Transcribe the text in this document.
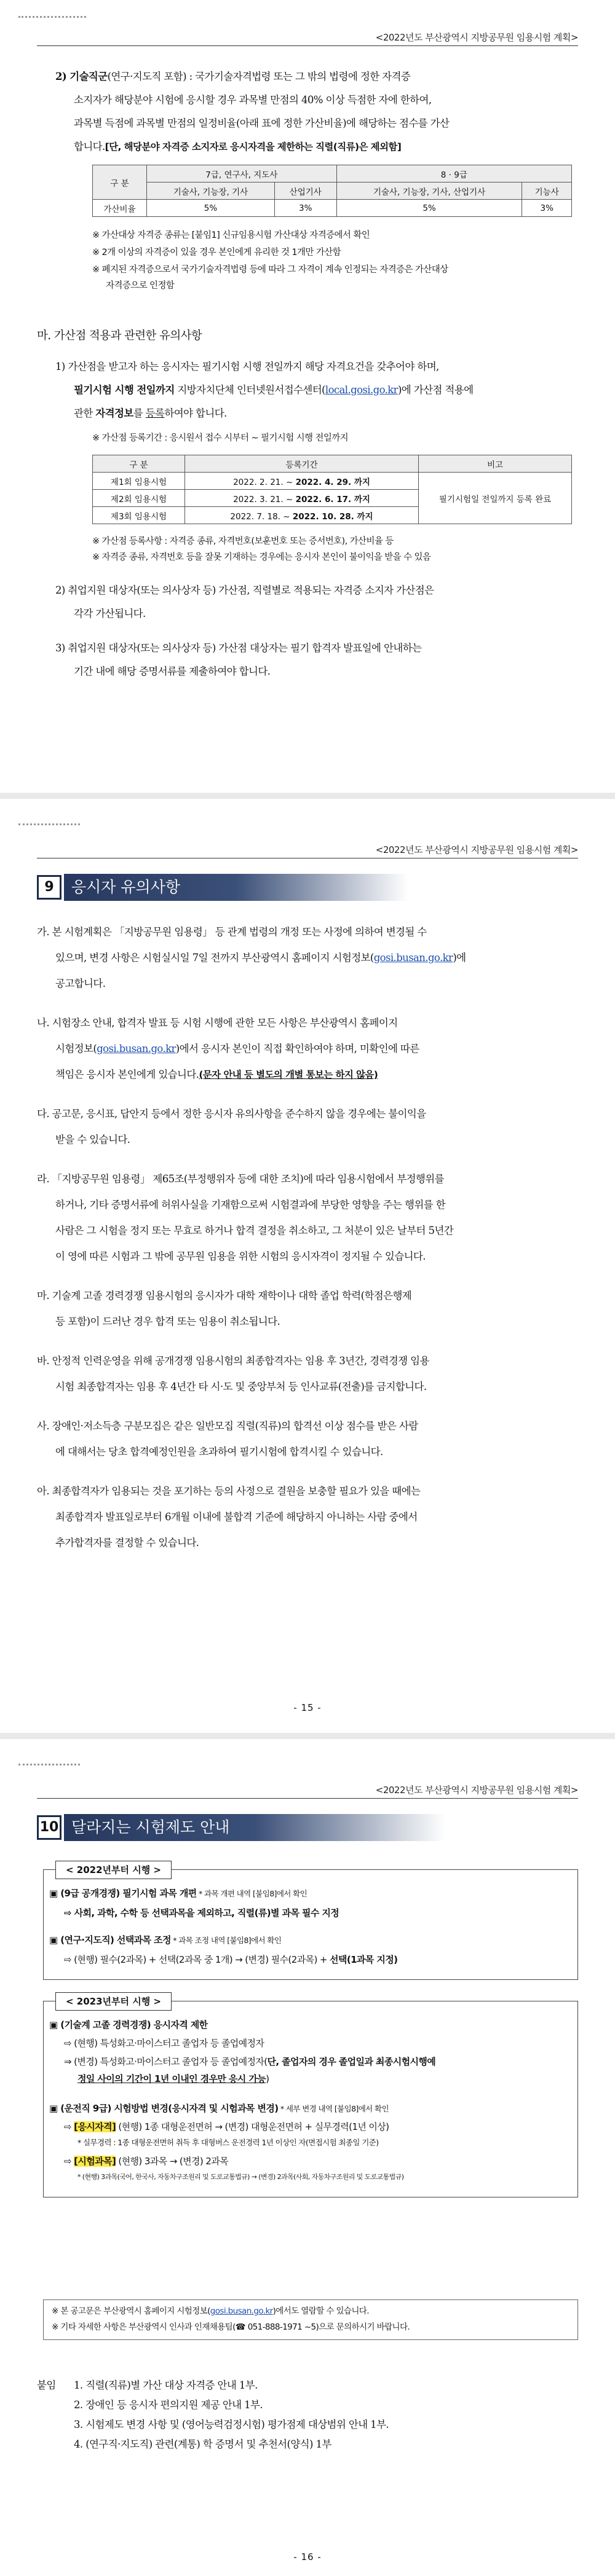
<2022년도 부산광역시 지방공무원 임용시험 계획>
2) 기술직군(연구·지도직 포함) : 국가기술자격법령 또는 그 밖의 법령에 정한 자격증
소지자가 해당분야 시험에 응시할 경우 과목별 만점의 40% 이상 득점한 자에 한하여,
과목별 득점에 과목별 만점의 일정비율(아래 표에 정한 가산비율)에 해당하는 점수를 가산
합니다.[단, 해당분야 자격증 소지자로 응시자격을 제한하는 직렬(직류)은 제외함]
구 분	7급, 연구사, 지도사		8 · 9급	
	기술사, 기능장, 기사	산업기사	기술사, 기능장, 기사, 산업기사	기능사
가산비율	5%	3%	5%	3%
※ 가산대상 자격증 종류는 [붙임1] 신규임용시험 가산대상 자격증에서 확인
※ 2개 이상의 자격증이 있을 경우 본인에게 유리한 것 1개만 가산함
※ 폐지된 자격증으로서 국가기술자격법령 등에 따라 그 자격이 계속 인정되는 자격증은 가산대상
자격증으로 인정함
마. 가산점 적용과 관련한 유의사항
1) 가산점을 받고자 하는 응시자는 필기시험 시행 전일까지 해당 자격요건을 갖추어야 하며,
필기시험 시행 전일까지 지방자치단체 인터넷원서접수센터(local.gosi.go.kr)에 가산점 적용에
관한 자격정보를 등록하여야 합니다.
※ 가산점 등록기간 : 응시원서 접수 시부터 ~ 필기시험 시행 전일까지
구 분	등록기간	비고
제1회 임용시험	2022. 2. 21. ~ 2022. 4. 29. 까지	필기시험일 전일까지 등록 완료
제2회 임용시험	2022. 3. 21. ~ 2022. 6. 17. 까지	
제3회 임용시험	2022. 7. 18. ~ 2022. 10. 28. 까지	
※ 가산점 등록사항 : 자격증 종류, 자격번호(보훈번호 또는 증서번호), 가산비율 등
※ 자격증 종류, 자격번호 등을 잘못 기재하는 경우에는 응시자 본인이 불이익을 받을 수 있음
2) 취업지원 대상자(또는 의사상자 등) 가산점, 직렬별로 적용되는 자격증 소지자 가산점은
각각 가산됩니다.
3) 취업지원 대상자(또는 의사상자 등) 가산점 대상자는 필기 합격자 발표일에 안내하는
기간 내에 해당 증명서류를 제출하여야 합니다.
<2022년도 부산광역시 지방공무원 임용시험 계획>
9	응시자 유의사항
가. 본 시험계획은 「지방공무원 임용령」 등 관계 법령의 개정 또는 사정에 의하여 변경될 수
있으며, 변경 사항은 시험실시일 7일 전까지 부산광역시 홈페이지 시험정보(gosi.busan.go.kr)에
공고합니다.
나. 시험장소 안내, 합격자 발표 등 시험 시행에 관한 모든 사항은 부산광역시 홈페이지
시험정보(gosi.busan.go.kr)에서 응시자 본인이 직접 확인하여야 하며, 미확인에 따른
책임은 응시자 본인에게 있습니다.(문자 안내 등 별도의 개별 통보는 하지 않음)
다. 공고문, 응시표, 답안지 등에서 정한 응시자 유의사항을 준수하지 않을 경우에는 불이익을
받을 수 있습니다.
라. 「지방공무원 임용령」 제65조(부정행위자 등에 대한 조치)에 따라 임용시험에서 부정행위를
하거나, 기타 증명서류에 허위사실을 기재함으로써 시험결과에 부당한 영향을 주는 행위를 한
사람은 그 시험을 정지 또는 무효로 하거나 합격 결정을 취소하고, 그 처분이 있은 날부터 5년간
이 영에 따른 시험과 그 밖에 공무원 임용을 위한 시험의 응시자격이 정지될 수 있습니다.
마. 기술계 고졸 경력경쟁 임용시험의 응시자가 대학 재학이나 대학 졸업 학력(학점은행제
등 포함)이 드러난 경우 합격 또는 임용이 취소됩니다.
바. 안정적 인력운영을 위해 공개경쟁 임용시험의 최종합격자는 임용 후 3년간, 경력경쟁 임용
시험 최종합격자는 임용 후 4년간 타 시·도 및 중앙부처 등 인사교류(전출)를 금지합니다.
사. 장애인·저소득층 구분모집은 같은 일반모집 직렬(직류)의 합격선 이상 점수를 받은 사람
에 대해서는 당초 합격예정인원을 초과하여 필기시험에 합격시킬 수 있습니다.
아. 최종합격자가 임용되는 것을 포기하는 등의 사정으로 결원을 보충할 필요가 있을 때에는
최종합격자 발표일로부터 6개월 이내에 불합격 기준에 해당하지 아니하는 사람 중에서
추가합격자를 결정할 수 있습니다.
- 15 -
<2022년도 부산광역시 지방공무원 임용시험 계획>
10 달라지는 시험제도 안내
< 2022년부터 시행 >
▣ (9급 공개경쟁) 필기시험 과목 개편 * 과목 개편 내역 [붙임8]에서 확인
⇨ 사회, 과학, 수학 등 선택과목을 제외하고, 직렬(류)별 과목 필수 지정
▣ (연구·지도직) 선택과목 조정 * 과목 조정 내역 [붙임8]에서 확인
⇨ (현행) 필수(2과목) + 선택(2과목 중 1개) → (변경) 필수(2과목) + 선택(1과목 지정)
< 2023년부터 시행 >
▣ (기술계 고졸 경력경쟁) 응시자격 제한
⇨ (현행) 특성화고·마이스터고 졸업자 등 졸업예정자
⇒ (변경) 특성화고·마이스터고 졸업자 등 졸업예정자(단, 졸업자의 경우 졸업일과 최종시험시행예
정일 사이의 기간이 1년 이내인 경우만 응시 가능)
▣ (운전직 9급) 시험방법 변경(응시자격 및 시험과목 변경) * 세부 변경 내역 [붙임8]에서 확인
⇨ [응시자격] (현행) 1종 대형운전면허 → (변경) 대형운전면허 + 실무경력(1년 이상)
* 실무경력 : 1종 대형운전면허 취득 후 대형버스 운전경력 1년 이상인 자(면접시험 최종일 기준)
⇨ [시험과목] (현행) 3과목 → (변경) 2과목
* (현행) 3과목(국어, 한국사, 자동차구조원리 및 도로교통법규) → (변경) 2과목(사회, 자동차구조원리 및 도로교통법규)
※ 본 공고문은 부산광역시 홈페이지 시험정보(gosi.busan.go.kr)에서도 열람할 수 있습니다.
※ 기타 자세한 사항은 부산광역시 인사과 인재채용팀(☎ 051-888-1971 ~5)으로 문의하시기 바랍니다.
붙임 1. 직렬(직류)별 가산 대상 자격증 안내 1부.
2. 장애인 등 응시자 편의지원 제공 안내 1부.
3. 시험제도 변경 사항 및 (영어능력검정시험) 평가점제 대상범위 안내 1부.
4. (연구직·지도직) 관련(계통) 학 증명서 및 추천서(양식) 1부
- 16 -
